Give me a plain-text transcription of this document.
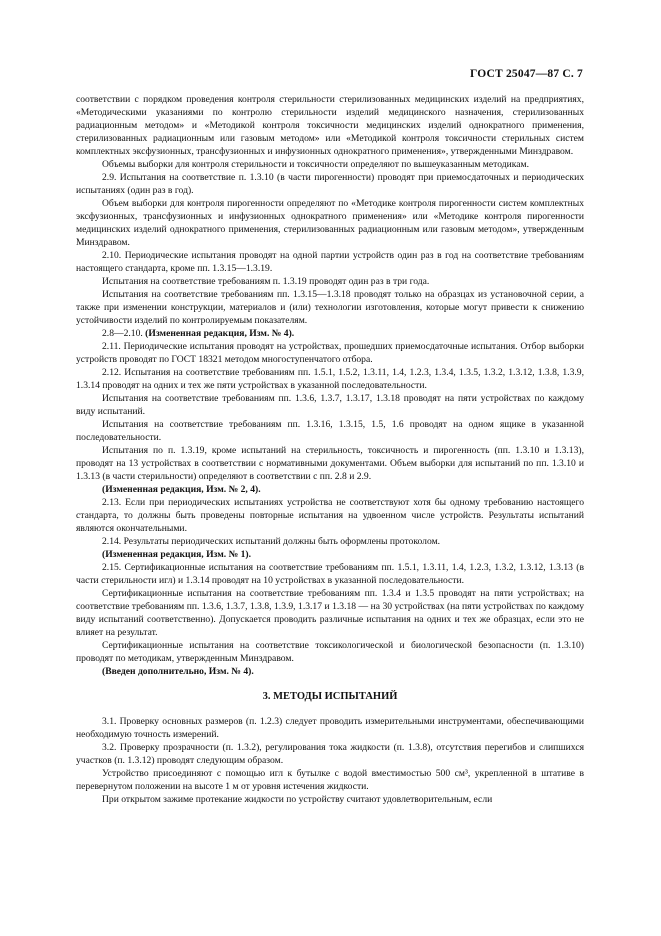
ГОСТ 25047—87 С. 7

соответствии с порядком проведения контроля стерильности стерилизованных медицинских изделий на предприятиях, «Методическими указаниями по контролю стерильности изделий медицинского назначения, стерилизованных радиационным методом» и «Методикой контроля токсичности медицинских изделий однократного применения, стерилизованных радиационным или газовым методом» или «Методикой контроля токсичности стерильных систем комплектных эксфузионных, трансфузионных и инфузионных однократного применения», утвержденными Минздравом.

Объемы выборки для контроля стерильности и токсичности определяют по вышеуказанным методикам.

2.9. Испытания на соответствие п. 1.3.10 (в части пирогенности) проводят при приемосдаточных и периодических испытаниях (один раз в год).

Объем выборки для контроля пирогенности определяют по «Методике контроля пирогенности систем комплектных эксфузионных, трансфузионных и инфузионных однократного применения» или «Методике контроля пирогенности медицинских изделий однократного применения, стерилизованных радиационным или газовым методом», утвержденным Минздравом.

2.10. Периодические испытания проводят на одной партии устройств один раз в год на соответствие требованиям настоящего стандарта, кроме пп. 1.3.15—1.3.19.

Испытания на соответствие требованиям п. 1.3.19 проводят один раз в три года.

Испытания на соответствие требованиям пп. 1.3.15—1.3.18 проводят только на образцах из установочной серии, а также при изменении конструкции, материалов и (или) технологии изготовления, которые могут привести к снижению устойчивости изделий по контролируемым показателям.

2.8—2.10. (Измененная редакция, Изм. № 4).

2.11. Периодические испытания проводят на устройствах, прошедших приемосдаточные испытания. Отбор выборки устройств проводят по ГОСТ 18321 методом многоступенчатого отбора.

2.12. Испытания на соответствие требованиям пп. 1.5.1, 1.5.2, 1.3.11, 1.4, 1.2.3, 1.3.4, 1.3.5, 1.3.2, 1.3.12, 1.3.8, 1.3.9, 1.3.14 проводят на одних и тех же пяти устройствах в указанной последовательности.

Испытания на соответствие требованиям пп. 1.3.6, 1.3.7, 1.3.17, 1.3.18 проводят на пяти устройствах по каждому виду испытаний.

Испытания на соответствие требованиям пп. 1.3.16, 1.3.15, 1.5, 1.6 проводят на одном ящике в указанной последовательности.

Испытания по п. 1.3.19, кроме испытаний на стерильность, токсичность и пирогенность (пп. 1.3.10 и 1.3.13), проводят на 13 устройствах в соответствии с нормативными документами. Объем выборки для испытаний по пп. 1.3.10 и 1.3.13 (в части стерильности) определяют в соответствии с пп. 2.8 и 2.9.

(Измененная редакция, Изм. № 2, 4).

2.13. Если при периодических испытаниях устройства не соответствуют хотя бы одному требованию настоящего стандарта, то должны быть проведены повторные испытания на удвоенном числе устройств. Результаты испытаний являются окончательными.

2.14. Результаты периодических испытаний должны быть оформлены протоколом.

(Измененная редакция, Изм. № 1).

2.15. Сертификационные испытания на соответствие требованиям пп. 1.5.1, 1.3.11, 1.4, 1.2.3, 1.3.2, 1.3.12, 1.3.13 (в части стерильности игл) и 1.3.14 проводят на 10 устройствах в указанной последовательности.

Сертификационные испытания на соответствие требованиям пп. 1.3.4 и 1.3.5 проводят на пяти устройствах; на соответствие требованиям пп. 1.3.6, 1.3.7, 1.3.8, 1.3.9, 1.3.17 и 1.3.18 — на 30 устройствах (на пяти устройствах по каждому виду испытаний соответственно). Допускается проводить различные испытания на одних и тех же образцах, если это не влияет на результат.

Сертификационные испытания на соответствие токсикологической и биологической безопасности (п. 1.3.10) проводят по методикам, утвержденным Минздравом.

(Введен дополнительно, Изм. № 4).

3. МЕТОДЫ ИСПЫТАНИЙ

3.1. Проверку основных размеров (п. 1.2.3) следует проводить измерительными инструментами, обеспечивающими необходимую точность измерений.

3.2. Проверку прозрачности (п. 1.3.2), регулирования тока жидкости (п. 1.3.8), отсутствия перегибов и слипшихся участков (п. 1.3.12) проводят следующим образом.

Устройство присоединяют с помощью игл к бутылке с водой вместимостью 500 см³, укрепленной в штативе в перевернутом положении на высоте 1 м от уровня истечения жидкости.

При открытом зажиме протекание жидкости по устройству считают удовлетворительным, если
